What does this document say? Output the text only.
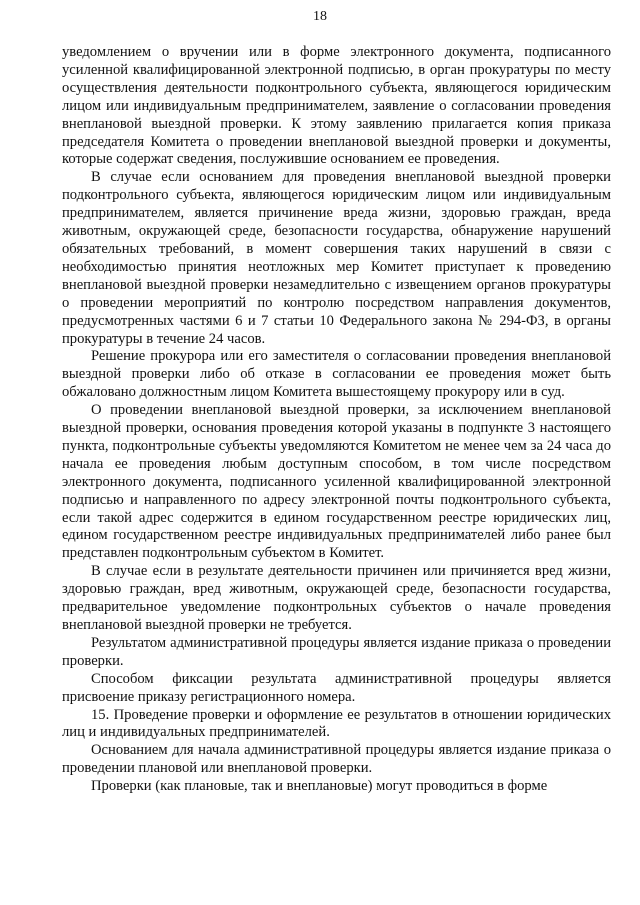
18

уведомлением о вручении или в форме электронного документа, подписанного усиленной квалифицированной электронной подписью, в орган прокуратуры по месту осуществления деятельности подконтрольного субъекта, являющегося юридическим лицом или индивидуальным предпринимателем, заявление о согласовании проведения внеплановой выездной проверки. К этому заявлению прилагается копия приказа председателя Комитета о проведении внеплановой выездной проверки и документы, которые содержат сведения, послужившие основанием ее проведения.

В случае если основанием для проведения внеплановой выездной проверки подконтрольного субъекта, являющегося юридическим лицом или индивидуальным предпринимателем, является причинение вреда жизни, здоровью граждан, вреда животным, окружающей среде, безопасности государства, обнаружение нарушений обязательных требований, в момент совершения таких нарушений в связи с необходимостью принятия неотложных мер Комитет приступает к проведению внеплановой выездной проверки незамедлительно с извещением органов прокуратуры о проведении мероприятий по контролю посредством направления документов, предусмотренных частями 6 и 7 статьи 10 Федерального закона № 294-ФЗ, в органы прокуратуры в течение 24 часов.

Решение прокурора или его заместителя о согласовании проведения внеплановой выездной проверки либо об отказе в согласовании ее проведения может быть обжаловано должностным лицом Комитета вышестоящему прокурору или в суд.

О проведении внеплановой выездной проверки, за исключением внеплановой выездной проверки, основания проведения которой указаны в подпункте 3 настоящего пункта, подконтрольные субъекты уведомляются Комитетом не менее чем за 24 часа до начала ее проведения любым доступным способом, в том числе посредством электронного документа, подписанного усиленной квалифицированной электронной подписью и направленного по адресу электронной почты подконтрольного субъекта, если такой адрес содержится в едином государственном реестре юридических лиц, едином государственном реестре индивидуальных предпринимателей либо ранее был представлен подконтрольным субъектом в Комитет.

В случае если в результате деятельности причинен или причиняется вред жизни, здоровью граждан, вред животным, окружающей среде, безопасности государства, предварительное уведомление подконтрольных субъектов о начале проведения внеплановой выездной проверки не требуется.

Результатом административной процедуры является издание приказа о проведении проверки.

Способом фиксации результата административной процедуры является присвоение приказу регистрационного номера.

15. Проведение проверки и оформление ее результатов в отношении юридических лиц и индивидуальных предпринимателей.

Основанием для начала административной процедуры является издание приказа о проведении плановой или внеплановой проверки.

Проверки (как плановые, так и внеплановые) могут проводиться в форме
